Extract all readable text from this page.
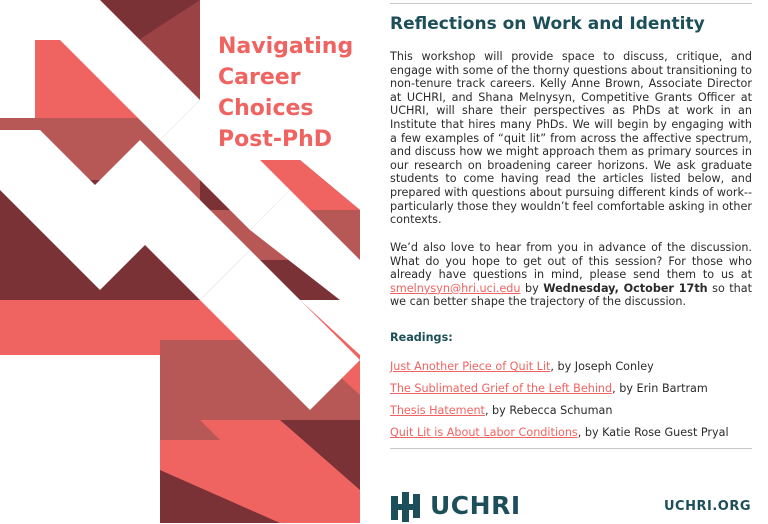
Navigating
Career
Choices
Post-PhD
Reflections on Work and Identity

This workshop will provide space to discuss, critique, and engage with some of the thorny questions about transitioning to non-tenure track careers. Kelly Anne Brown, Associate Director at UCHRI, and Shana Melnysyn, Competitive Grants Officer at UCHRI, will share their perspectives as PhDs at work in an Institute that hires many PhDs. We will begin by engaging with a few examples of “quit lit” from across the affective spectrum, and discuss how we might approach them as primary sources in our research on broadening career horizons. We ask graduate students to come having read the articles listed below, and prepared with questions about pursuing different kinds of work--particularly those they wouldn’t feel comfortable asking in other contexts.

We’d also love to hear from you in advance of the discussion. What do you hope to get out of this session? For those who already have questions in mind, please send them to us at smelnysyn@hri.uci.edu by Wednesday, October 17th so that we can better shape the trajectory of the discussion.

Readings:
Just Another Piece of Quit Lit, by Joseph Conley
The Sublimated Grief of the Left Behind, by Erin Bartram
Thesis Hatement, by Rebecca Schuman
Quit Lit is About Labor Conditions, by Katie Rose Guest Pryal
UCHRI	UCHRI.ORG
